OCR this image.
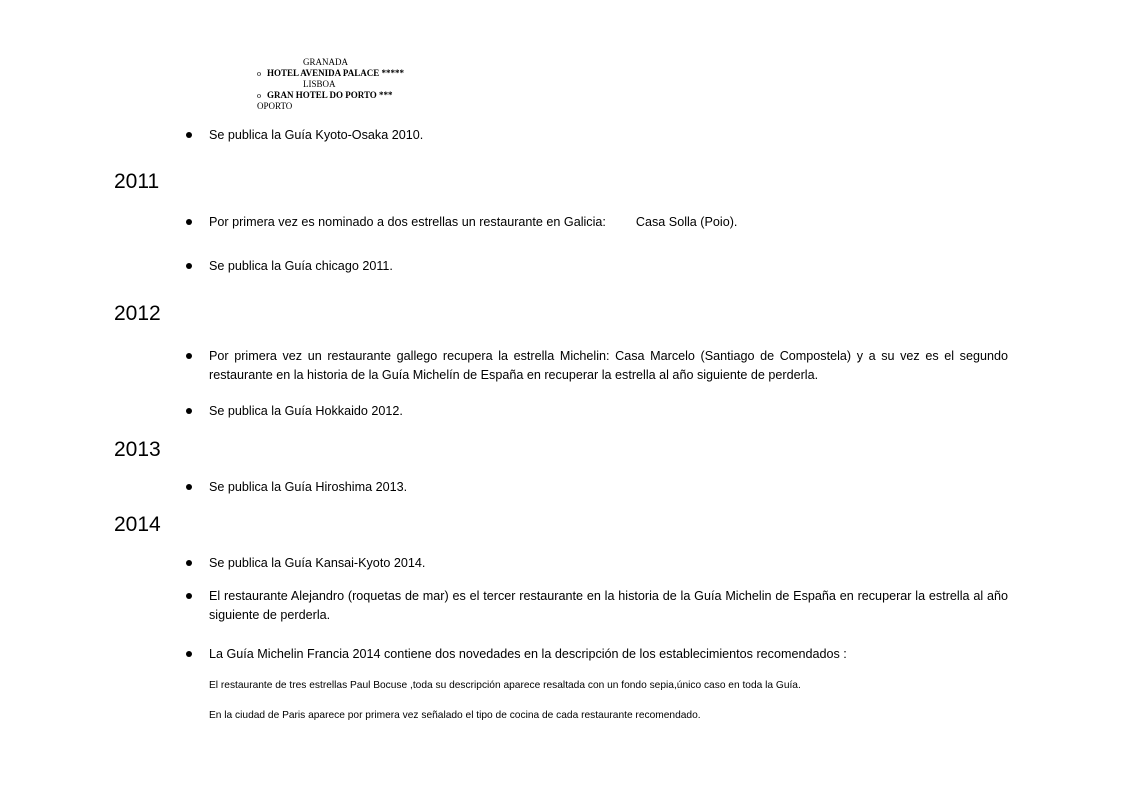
GRANADA
o HOTEL AVENIDA PALACE *****
LISBOA
o GRAN HOTEL DO PORTO ***
OPORTO
Se publica la Guía Kyoto-Osaka 2010.
2011
Por primera vez es nominado a dos estrellas un restaurante en Galicia: Casa Solla (Poio).
Se publica la Guía chicago 2011.
2012
Por primera vez un restaurante gallego recupera la estrella Michelin: Casa Marcelo (Santiago de Compostela) y a su vez es el segundo restaurante en la historia de la Guía Michelín de España en recuperar la estrella al año siguiente de perderla.
Se publica la Guía Hokkaido 2012.
2013
Se publica la Guía Hiroshima 2013.
2014
Se publica la Guía Kansai-Kyoto 2014.
El restaurante Alejandro (roquetas de mar) es el tercer restaurante en la historia de la Guía Michelin de España en recuperar la estrella al año siguiente de perderla.
La Guía Michelin Francia 2014 contiene dos novedades en la descripción de los establecimientos recomendados :
El restaurante de tres estrellas Paul Bocuse ,toda su descripción aparece resaltada con un fondo sepia,único caso en toda la Guía.
En la ciudad de Paris aparece por primera vez señalado el tipo de cocina de cada restaurante recomendado.
